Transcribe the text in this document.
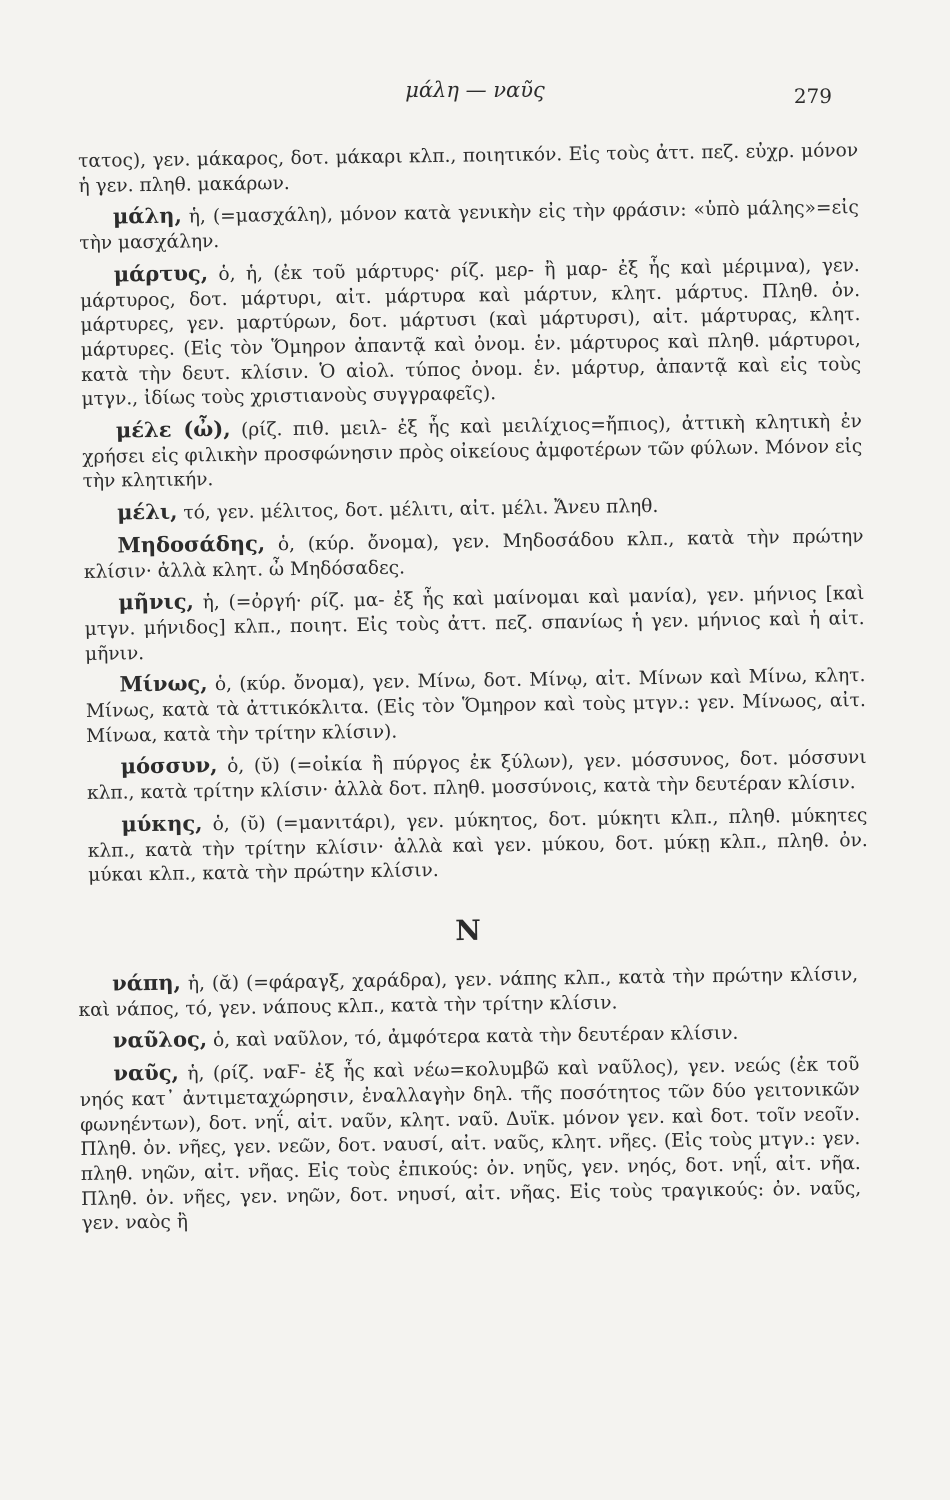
μάλη — ναῦς	279

τατος), γεν. μάκαρος, δοτ. μάκαρι κλπ., ποιητικόν. Εἰς τοὺς ἀττ. πεζ. εὐχρ. μόνον ἡ γεν. πληθ. μακάρων.

μάλη, ἡ, (=μασχάλη), μόνον κατὰ γενικὴν εἰς τὴν φράσιν: «ὑπὸ μάλης»=εἰς τὴν μασχάλην.

μάρτυς, ὁ, ἡ, (ἐκ τοῦ μάρτυρς· ρίζ. μερ- ἢ μαρ- ἐξ ἧς καὶ μέριμνα), γεν. μάρτυρος, δοτ. μάρτυρι, αἰτ. μάρτυρα καὶ μάρτυν, κλητ. μάρτυς. Πληθ. ὀν. μάρτυρες, γεν. μαρτύρων, δοτ. μάρτυσι (καὶ μάρτυρσι), αἰτ. μάρτυρας, κλητ. μάρτυρες. (Εἰς τὸν Ὅμηρον ἀπαντᾷ καὶ ὀνομ. ἑν. μάρτυρος καὶ πληθ. μάρτυροι, κατὰ τὴν δευτ. κλίσιν. Ὁ αἰολ. τύπος ὀνομ. ἑν. μάρτυρ, ἀπαντᾷ καὶ εἰς τοὺς μτγν., ἰδίως τοὺς χριστιανοὺς συγγραφεῖς).

μέλε (ὦ), (ρίζ. πιθ. μειλ- ἐξ ἧς καὶ μειλίχιος=ἤπιος), ἀττικὴ κλητικὴ ἐν χρήσει εἰς φιλικὴν προσφώνησιν πρὸς οἰκείους ἀμφοτέρων τῶν φύλων. Μόνον εἰς τὴν κλητικήν.

μέλι, τό, γεν. μέλιτος, δοτ. μέλιτι, αἰτ. μέλι. Ἄνευ πληθ.

Μηδοσάδης, ὁ, (κύρ. ὄνομα), γεν. Μηδοσάδου κλπ., κατὰ τὴν πρώτην κλίσιν· ἀλλὰ κλητ. ὦ Μηδόσαδες.

μῆνις, ἡ, (=ὀργή· ρίζ. μα- ἐξ ἧς καὶ μαίνομαι καὶ μανία), γεν. μήνιος [καὶ μτγν. μήνιδος] κλπ., ποιητ. Εἰς τοὺς ἀττ. πεζ. σπανίως ἡ γεν. μήνιος καὶ ἡ αἰτ. μῆνιν.

Μίνως, ὁ, (κύρ. ὄνομα), γεν. Μίνω, δοτ. Μίνῳ, αἰτ. Μίνων καὶ Μίνω, κλητ. Μίνως, κατὰ τὰ ἀττικόκλιτα. (Εἰς τὸν Ὅμηρον καὶ τοὺς μτγν.: γεν. Μίνωος, αἰτ. Μίνωα, κατὰ τὴν τρίτην κλίσιν).

μόσσυν, ὁ, (ῠ) (=οἰκία ἢ πύργος ἐκ ξύλων), γεν. μόσσυνος, δοτ. μόσσυνι κλπ., κατὰ τρίτην κλίσιν· ἀλλὰ δοτ. πληθ. μοσσύνοις, κατὰ τὴν δευτέραν κλίσιν.

μύκης, ὁ, (ῠ) (=μανιτάρι), γεν. μύκητος, δοτ. μύκητι κλπ., πληθ. μύκητες κλπ., κατὰ τὴν τρίτην κλίσιν· ἀλλὰ καὶ γεν. μύκου, δοτ. μύκῃ κλπ., πληθ. ὀν. μύκαι κλπ., κατὰ τὴν πρώτην κλίσιν.

Ν

νάπη, ἡ, (ᾰ) (=φάραγξ, χαράδρα), γεν. νάπης κλπ., κατὰ τὴν πρώτην κλίσιν, καὶ νάπος, τό, γεν. νάπους κλπ., κατὰ τὴν τρίτην κλίσιν.

ναῦλος, ὁ, καὶ ναῦλον, τό, ἀμφότερα κατὰ τὴν δευτέραν κλίσιν.

ναῦς, ἡ, (ρίζ. ναϜ- ἐξ ἧς καὶ νέω=κολυμβῶ καὶ ναῦλος), γεν. νεώς (ἐκ τοῦ νηός κατ᾽ ἀντιμεταχώρησιν, ἐναλλαγὴν δηλ. τῆς ποσότητος τῶν δύο γειτονικῶν φωνηέντων), δοτ. νηΐ, αἰτ. ναῦν, κλητ. ναῦ. Δυϊκ. μόνον γεν. καὶ δοτ. τοῖν νεοῖν. Πληθ. ὀν. νῆες, γεν. νεῶν, δοτ. ναυσί, αἰτ. ναῦς, κλητ. νῆες. (Εἰς τοὺς μτγν.: γεν. πληθ. νηῶν, αἰτ. νῆας. Εἰς τοὺς ἐπικούς: ὀν. νηῦς, γεν. νηός, δοτ. νηΐ, αἰτ. νῆα. Πληθ. ὀν. νῆες, γεν. νηῶν, δοτ. νηυσί, αἰτ. νῆας. Εἰς τοὺς τραγικούς: ὀν. ναῦς, γεν. ναὸς ἢ
